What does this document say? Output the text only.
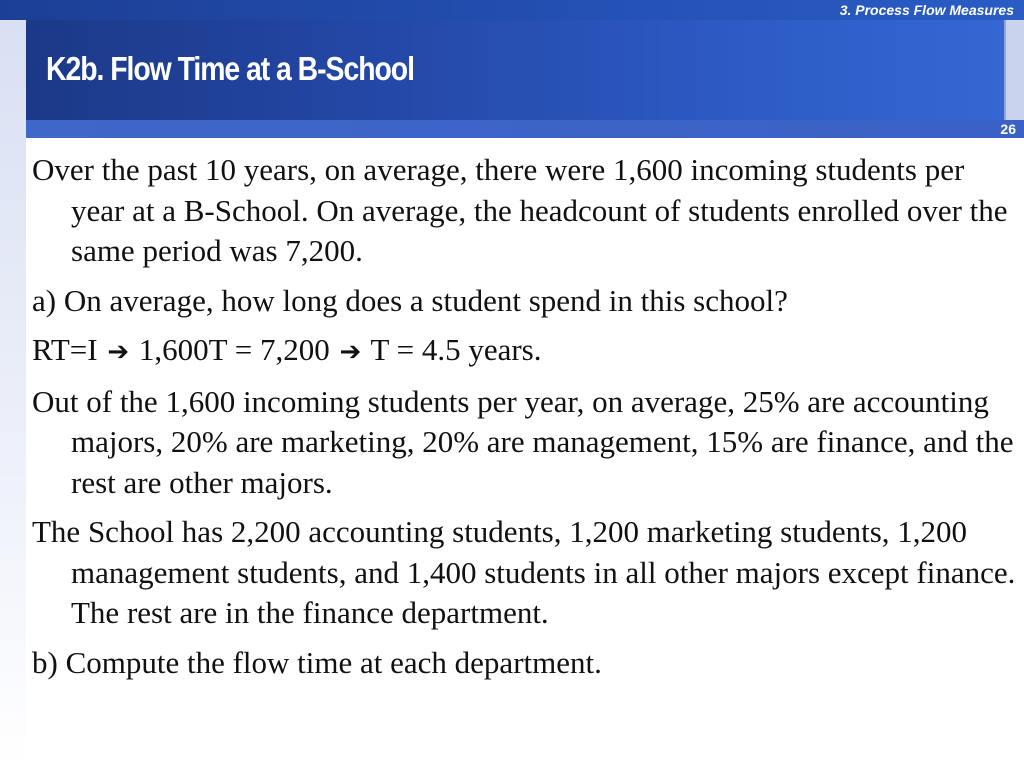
3. Process Flow Measures
K2b. Flow Time at a B-School
26

Over the past 10 years, on average, there were 1,600 incoming students per year at a B-School. On average, the headcount of students enrolled over the same period was 7,200.

a) On average, how long does a student spend in this school?

RT=I ➔ 1,600T = 7,200 ➔ T = 4.5 years.

Out of the 1,600 incoming students per year, on average, 25% are accounting majors, 20% are marketing, 20% are management, 15% are finance, and the rest are other majors.

The School has 2,200 accounting students, 1,200 marketing students, 1,200 management students, and 1,400 students in all other majors except finance. The rest are in the finance department.

b) Compute the flow time at each department.
